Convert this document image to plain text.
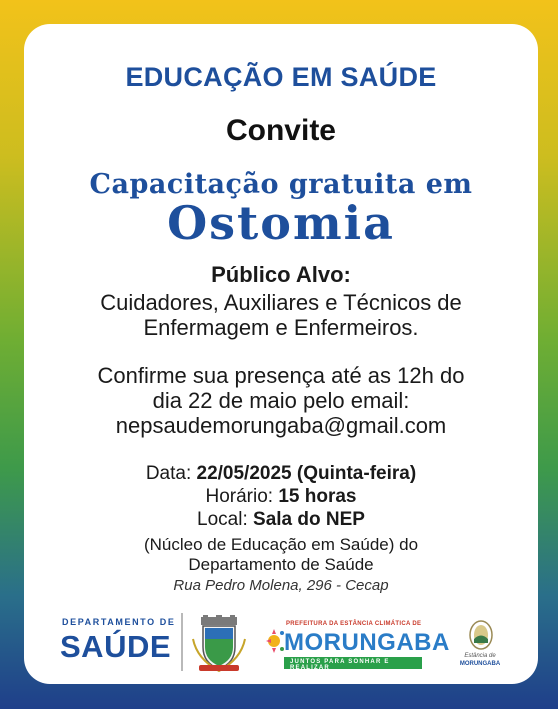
EDUCAÇÃO EM SAÚDE
Convite
Capacitação gratuita em
Ostomia
Público Alvo:
Cuidadores, Auxiliares e Técnicos de
Enfermagem e Enfermeiros.
Confirme sua presença até as 12h do
dia 22 de maio pelo email:
nepsaudemorungaba@gmail.com
Data: 22/05/2025 (Quinta-feira)
Horário: 15 horas
Local: Sala do NEP
(Núcleo de Educação em Saúde) do
Departamento de Saúde
Rua Pedro Molena, 296 - Cecap
DEPARTAMENTO DE
SAÚDE
PREFEITURA DA ESTÂNCIA CLIMÁTICA DE
MORUNGABA
JUNTOS PARA SONHAR E REALIZAR
Estância de
MORUNGABA
